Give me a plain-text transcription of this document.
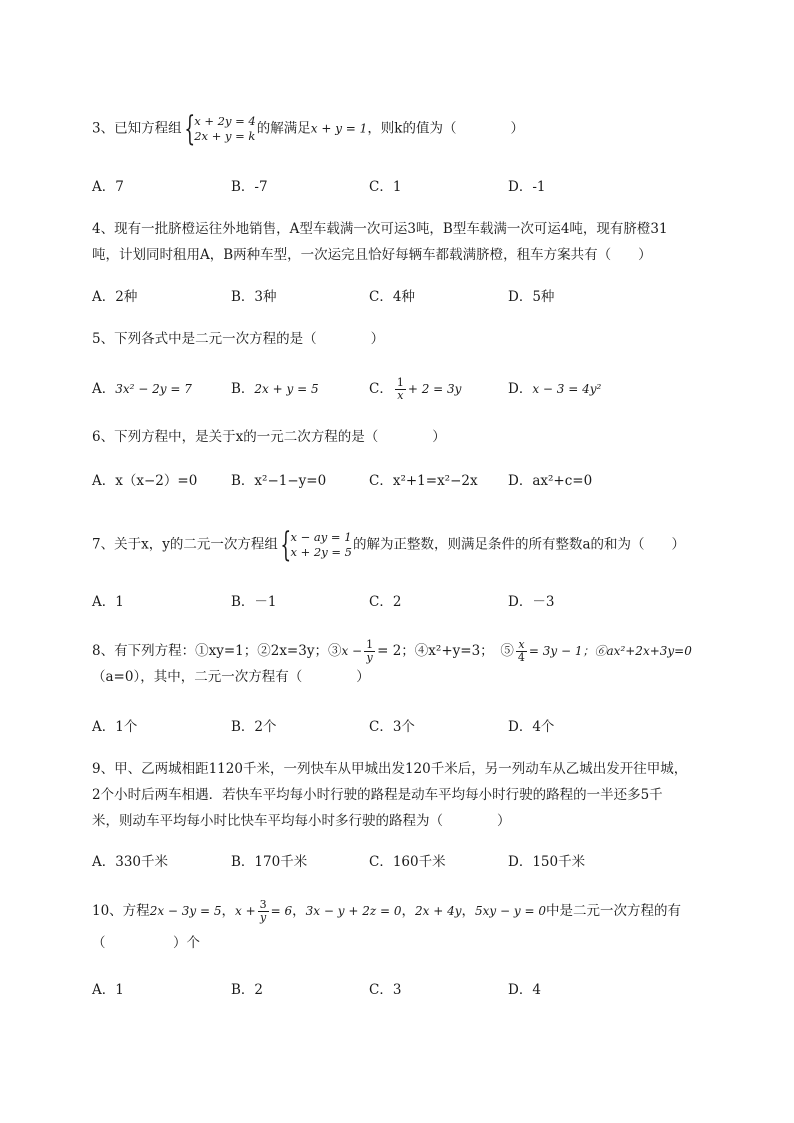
3、已知方程组 { x + 2y = 4
2x + y = k 的解满足x + y = 1，则k的值为（　　　　）
A．7	B．-7	C．1	D．-1
4、现有一批脐橙运往外地销售，A型车载满一次可运3吨，B型车载满一次可运4吨，现有脐橙31
吨，计划同时租用A，B两种车型，一次运完且恰好每辆车都载满脐橙，租车方案共有（　　）
A．2种	B．3种	C．4种	D．5种
5、下列各式中是二元一次方程的是（　　　　）
A．3x² − 2y = 7	B．2x + y = 5	C． $\frac{1}{x} + 2 = 3y$	D．x − 3 = 4y²
6、下列方程中，是关于x的一元二次方程的是（　　　　）
A．x（x−2）=0 B．x²−1−y=0	C．x²+1=x²−2x D．ax²+c=0
7、关于x，y的二元一次方程组 { x − ay = 1
x + 2y = 5 的解为正整数，则满足条件的所有整数a的和为（　　）
A．1	B．－1	C．2	D．－3
8、有下列方程：①xy=1；②2x=3y；③x − $\frac{1}{y} = 2$；④x²+y=3；　⑤ $\frac{x}{4} = 3y - 1$；⑥ax²+2x+3y=0
（a=0），其中，二元一次方程有（　　　　）
A．1个	B．2个	C．3个	D．4个
9、甲、乙两城相距1120千米，一列快车从甲城出发120千米后，另一列动车从乙城出发开往甲城，
2个小时后两车相遇．若快车平均每小时行驶的路程是动车平均每小时行驶的路程的一半还多5千
米，则动车平均每小时比快车平均每小时多行驶的路程为（　　　　）
A．330千米	B．170千米	C．160千米	D．150千米
10、方程2x − 3y = 5，$x + \frac{3}{y} = 6$，3x − y + 2z = 0，2x + 4y，5xy − y = 0中是二元一次方程的有
（　　　　　）个
A．1	B．2	C．3	D．4
